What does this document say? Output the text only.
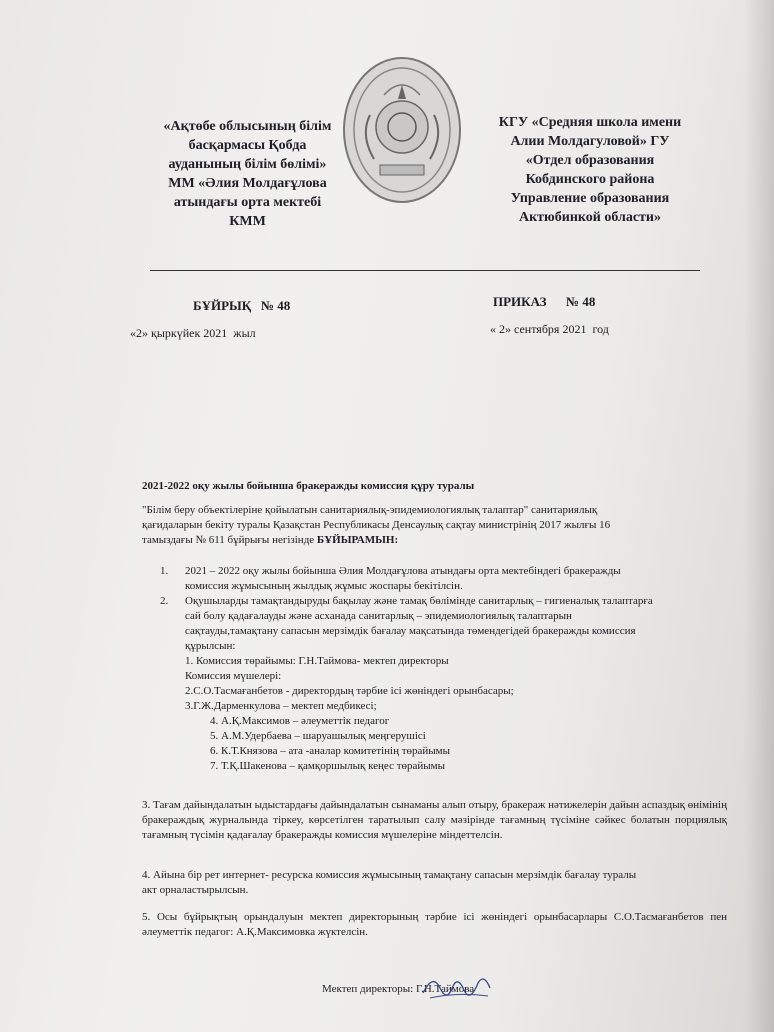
«Ақтөбе облысының білім
басқармасы Қобда
ауданының білім бөлімі»
ММ «Әлия Молдағұлова
атындағы орта мектебі
КММ
КГУ «Средняя школа имени
Алии Молдагуловой» ГУ
«Отдел образования
Кобдинского района
Управление образования
Актюбинкой области»
БҰЙРЫҚ   № 48	ПРИКАЗ      № 48
«2» қыркүйек 2021  жыл	« 2» сентября 2021  год
2021-2022 оқу жылы бойынша бракеражды комиссия құру туралы
"Білім беру объектілеріне қойылатын санитариялық-эпидемиологиялық талаптар" санитариялық
қағидаларын бекіту туралы Қазақстан Республикасы Денсаулық сақтау министрінің 2017 жылғы 16
тамыздағы № 611 бұйрығы негізінде БҰЙЫРАМЫН:
1. 2021 – 2022 оқу жылы бойынша Әлия Молдағұлова атындағы орта мектебіндегі бракеражды
комиссия жұмысының жылдық жұмыс жоспары бекітілсін.
2. Оқушыларды тамақтандыруды бақылау және тамақ бөлімінде санитарлық – гигиеналық талаптарға
сай болу қадағалауды және асханада санитарлық – эпидемиологиялық талаптарын
сақтауды,тамақтану сапасын мерзімдік бағалау мақсатында төмендегідей бракеражды комиссия
құрылсын:
1. Комиссия төрайымы: Г.Н.Таймова- мектеп директоры
Комиссия мүшелері:
2.С.О.Тасмағанбетов - директордың тәрбие ісі жөніндегі орынбасары;
3.Г.Ж.Дарменкулова – мектеп медбикесі;
4. А.Қ.Максимов – әлеуметтік педагог
5. А.М.Удербаева – шаруашылық меңгерушісі
6. К.Т.Князова – ата -аналар комитетінің төрайымы
7. Т.Қ.Шакенова – қамқоршылық кеңес төрайымы
3. Тағам дайындалатын ыдыстардағы дайындалатын сынаманы алып отыру, бракераж нәтижелерін дайын аспаздық өнімінің бракераждық журналында тіркеу, көрсетілген таратылып салу мәзірінде тағамның түсіміне сәйкес болатын порциялық тағамның түсімін қадағалау бракеражды комиссия мүшелеріне міндеттелсін.
4. Айына бір рет интернет- ресурска комиссия жұмысының тамақтану сапасын мерзімдік бағалау туралы
акт орналастырылсын.
5. Осы бұйрықтың орындалуын мектеп директорының тәрбие ісі жөніндегі орынбасарлары С.О.Тасмағанбетов пен әлеуметтік педагог: А.Қ.Максимовка жүктелсін.
Мектеп директоры: Г.Н.Таймова
